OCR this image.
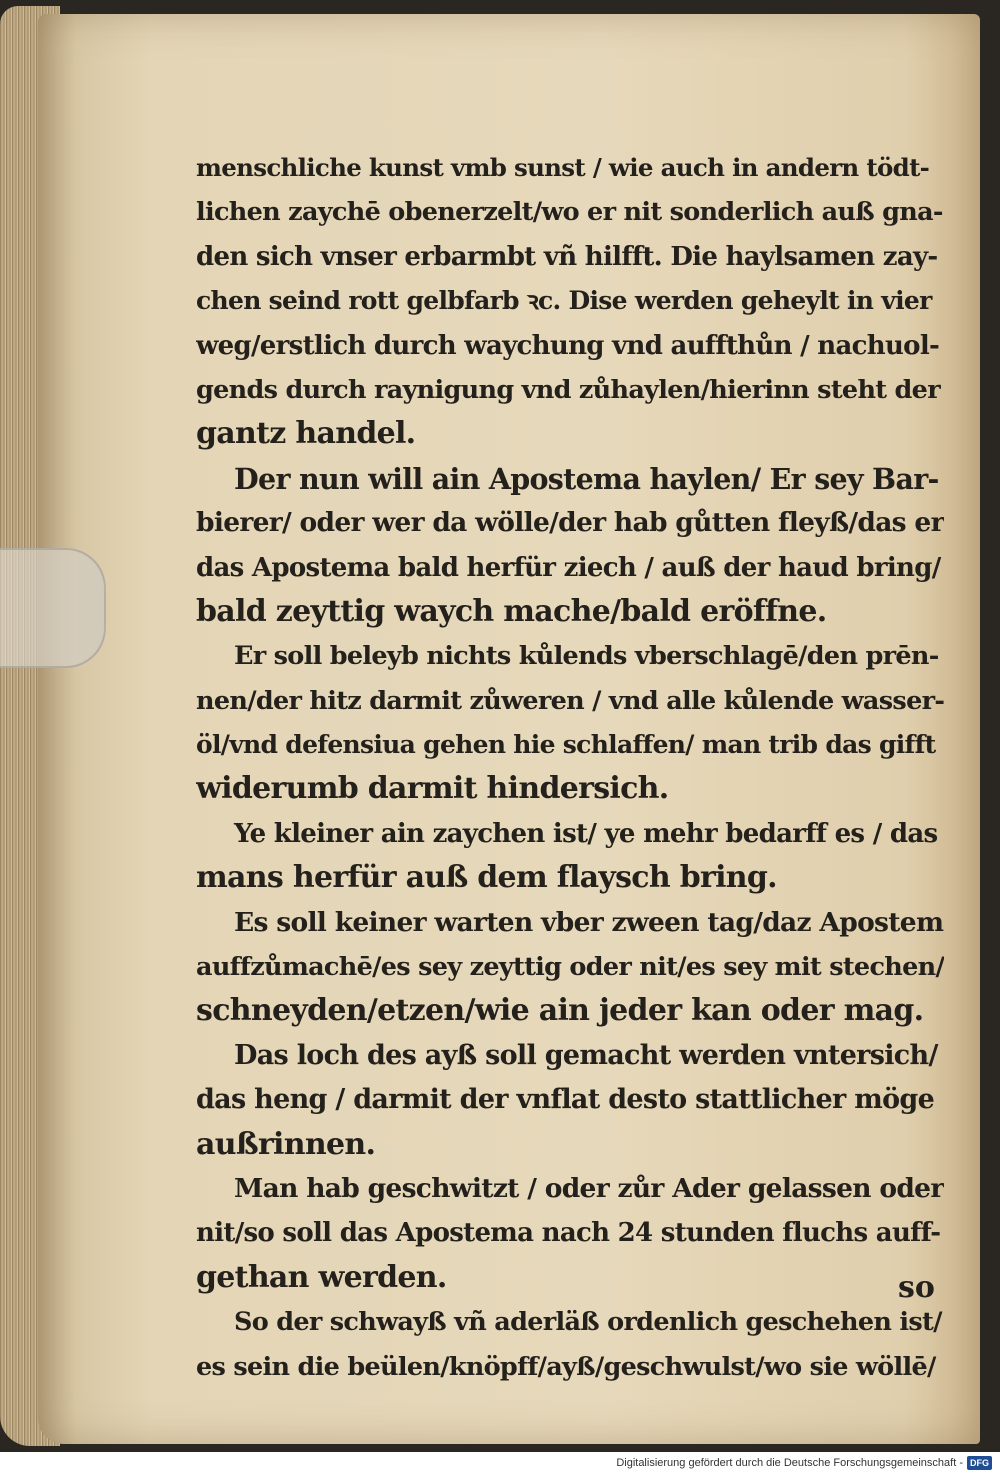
menschliche kunst vmb sunst / wie auch in andern tödt-
lichen zaychē obenerzelt/wo er nit sonderlich auß gna-
den sich vnser erbarmbt vñ hilfft. Die haylsamen zay-
chen seind rott gelbfarb ꝛc. Dise werden geheylt in vier
weg/erstlich durch waychung vnd auffthůn / nachuol-
gends durch raynigung vnd zůhaylen/hierinn steht der
gantz handel.
Der nun will ain Apostema haylen/ Er sey Bar-
bierer/ oder wer da wölle/der hab gůtten fleyß/das er
das Apostema bald herfür ziech / auß der haud bring/
bald zeyttig waych mache/bald eröffne.
Er soll beleyb nichts kůlends vberschlagē/den prēn-
nen/der hitz darmit zůweren / vnd alle kůlende wasser-
öl/vnd defensiua gehen hie schlaffen/ man trib das gifft
widerumb darmit hindersich.
Ye kleiner ain zaychen ist/ ye mehr bedarff es / das
mans herfür auß dem flaysch bring.
Es soll keiner warten vber zween tag/daz Apostem
auffzůmachē/es sey zeyttig oder nit/es sey mit stechen/
schneyden/etzen/wie ain jeder kan oder mag.
Das loch des ayß soll gemacht werden vntersich/
das heng / darmit der vnflat desto stattlicher möge
außrinnen.
Man hab geschwitzt / oder zůr Ader gelassen oder
nit/so soll das Apostema nach 24 stunden fluchs auff-
gethan werden.
So der schwayß vñ aderläß ordenlich geschehen ist/
es sein die beülen/knöpff/ayß/geschwulst/wo sie wöllē/
so
Digitalisierung gefördert durch die Deutsche Forschungsgemeinschaft - DFG
